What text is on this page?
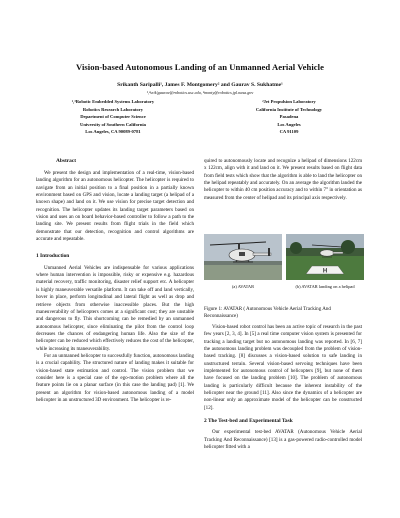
Vision-based Autonomous Landing of an Unmanned Aerial Vehicle
Srikanth Saripalli¹, James F. Montgomery² and Gaurav S. Sukhatme¹
¹,³srik|gaurav@robotics.usc.edu, ²monty@robotics.jpl.nasa.gov
¹,³Robotic Embedded Systems Laboratory
Robotics Research Laboratory
Department of Computer Science
University of Southern California
Los Angeles, CA 90089-0781
²Jet Propulsion Laboratory
California Institute of Technology
Pasadena
Los Angeles
CA 91109
Abstract

We present the design and implementation of a real-time, vision-based landing algorithm for an autonomous helicopter. The helicopter is required to navigate from an initial position to a final position in a partially known environment based on GPS and vision, locate a landing target (a helipad of a known shape) and land on it. We use vision for precise target detection and recognition. The helicopter updates its landing target parameters based on vision and uses an on board behavior-based controller to follow a path to the landing site. We present results from flight trials in the field which demonstrate that our detection, recognition and control algorithms are accurate and repeatable.

1 Introduction

Unmanned Aerial Vehicles are indispensable for various applications where human intervention is impossible, risky or expensive e.g. hazardous material recovery, traffic monitoring, disaster relief support etc. A helicopter is highly maneuverable versatile platform. It can take off and land vertically, hover in place, perform longitudinal and lateral flight as well as drop and retrieve objects from otherwise inaccessible places. But the high maneuverability of helicopters comes at a significant cost; they are unstable and dangerous to fly. This shortcoming can be remedied by an unmanned autonomous helicopter, since eliminating the pilot from the control loop decreases the chances of endangering human life. Also the size of the helicopter can be reduced which effectively reduces the cost of the helicopter, while increasing its maneuverability.

For an unmanned helicopter to successfully function, autonomous landing is a crucial capability. The structured nature of landing makes it suitable for vision-based state estimation and control. The vision problem that we consider here is a special case of the ego-motion problem where all the feature points lie on a planar surface (in this case the landing pad) [1]. We present an algorithm for vision-based autonomous landing of a model helicopter in an unstructured 3D environment. The helicopter is re-

quired to autonomously locate and recognize a helipad of dimensions 122cm x 122cm, align with it and land on it. We present results based on flight data from field tests which show that the algorithm is able to land the helicopter on the helipad repeatably and accurately. On an average the algorithm landed the helicopter to within 40 cm position accuracy and to within 7° in orientation as measured from the center of helipad and its principal axis respectively.

H
(a) AVATAR	(b) AVATAR landing on a helipad
Figure 1: AVATAR ( Autonomous Vehicle Aerial Tracking And Reconnaissance)

Vision-based robot control has been an active topic of research in the past few years [2, 3, 4]. In [5] a real time computer vision system is presented for tracking a landing target but no autonomous landing was reported. In [6, 7] the autonomous landing problem was decoupled from the problem of vision-based tracking. [8] discusses a vision-based solution to safe landing in unstructured terrain. Several vision-based servoing techniques have been implemented for autonomous control of helicopters [9], but none of them have focused on the landing problem [10]. The problem of autonomous landing is particularly difficult because the inherent instability of the helicopter near the ground [11]. Also since the dynamics of a helicopter are non-linear only an approximate model of the helicopter can be constructed [12].

2 The Test-bed and Experimental Task

Our experimental test-bed AVATAR (Autonomous Vehicle Aerial Tracking And Reconnaissance) [13] is a gas-powered radio-controlled model helicopter fitted with a
